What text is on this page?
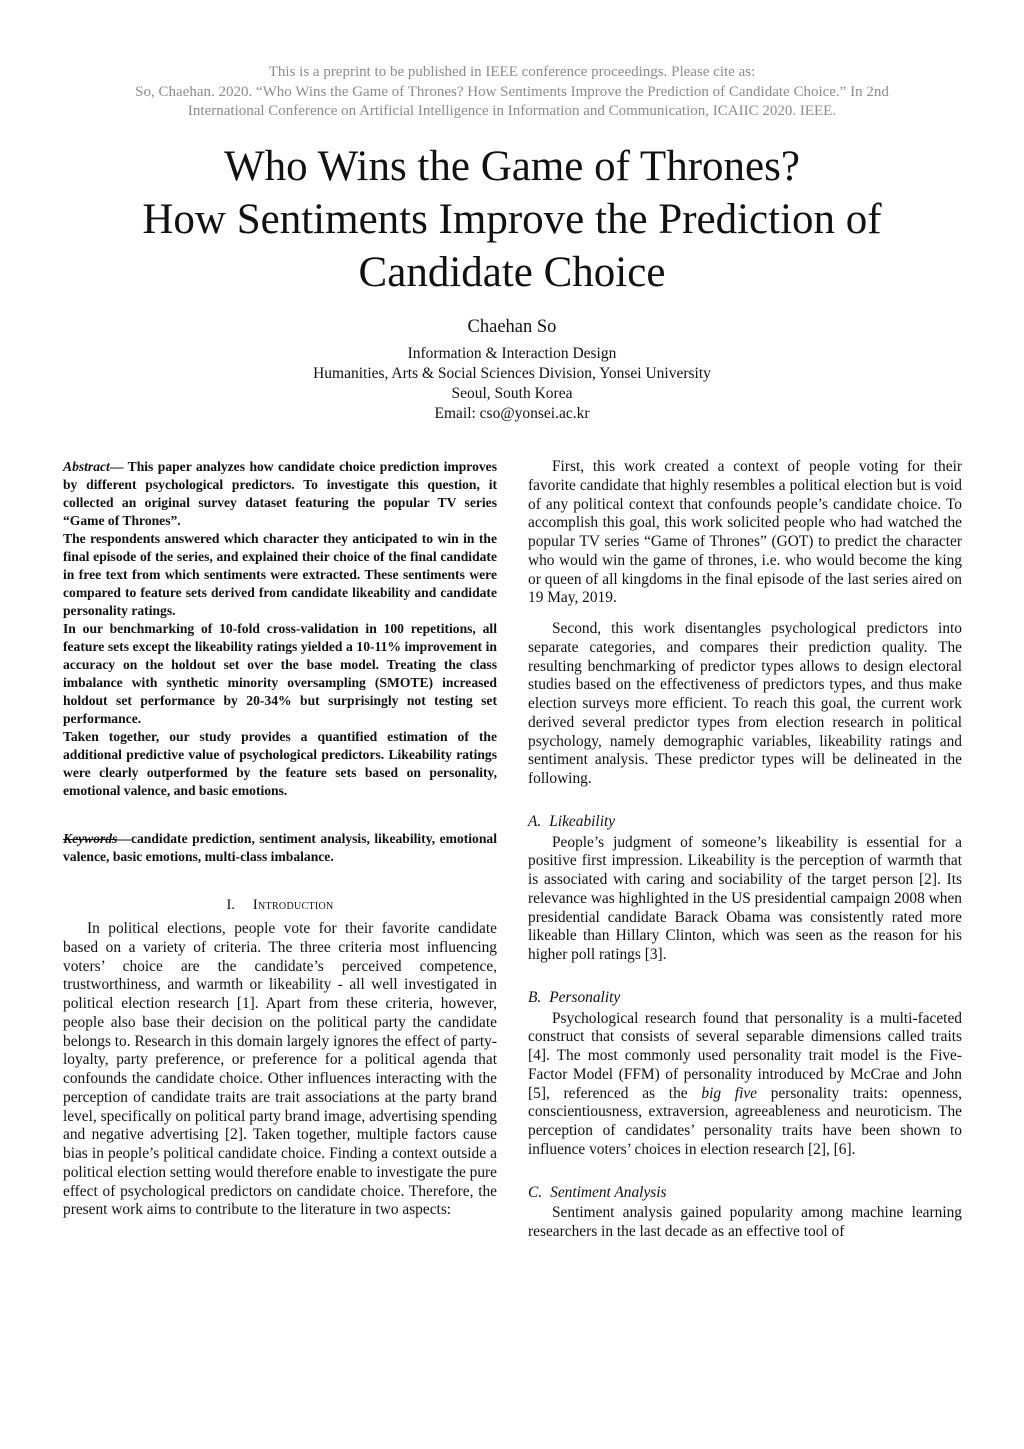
This is a preprint to be published in IEEE conference proceedings. Please cite as:
So, Chaehan. 2020. “Who Wins the Game of Thrones? How Sentiments Improve the Prediction of Candidate Choice.” In 2nd
International Conference on Artificial Intelligence in Information and Communication, ICAIIC 2020. IEEE.
Who Wins the Game of Thrones?
How Sentiments Improve the Prediction of
Candidate Choice
Chaehan So
Information & Interaction Design
Humanities, Arts & Social Sciences Division, Yonsei University
Seoul, South Korea
Email: cso@yonsei.ac.kr

Abstract— This paper analyzes how candidate choice prediction improves by different psychological predictors. To investigate this question, it collected an original survey dataset featuring the popular TV series “Game of Thrones”.

The respondents answered which character they anticipated to win in the final episode of the series, and explained their choice of the final candidate in free text from which sentiments were extracted. These sentiments were compared to feature sets derived from candidate likeability and candidate personality ratings.

In our benchmarking of 10-fold cross-validation in 100 repetitions, all feature sets except the likeability ratings yielded a 10-11% improvement in accuracy on the holdout set over the base model. Treating the class imbalance with synthetic minority oversampling (SMOTE) increased holdout set performance by 20-34% but surprisingly not testing set performance.

Taken together, our study provides a quantified estimation of the additional predictive value of psychological predictors. Likeability ratings were clearly outperformed by the feature sets based on personality, emotional valence, and basic emotions.

Keywords—candidate prediction, sentiment analysis, likeability, emotional valence, basic emotions, multi-class imbalance.
I. Introduction

In political elections, people vote for their favorite candidate based on a variety of criteria. The three criteria most influencing voters’ choice are the candidate’s perceived competence, trustworthiness, and warmth or likeability - all well investigated in political election research [1]. Apart from these criteria, however, people also base their decision on the political party the candidate belongs to. Research in this domain largely ignores the effect of party-loyalty, party preference, or preference for a political agenda that confounds the candidate choice. Other influences interacting with the perception of candidate traits are trait associations at the party brand level, specifically on political party brand image, advertising spending and negative advertising [2]. Taken together, multiple factors cause bias in people’s political candidate choice. Finding a context outside a political election setting would therefore enable to investigate the pure effect of psychological predictors on candidate choice. Therefore, the present work aims to contribute to the literature in two aspects:

First, this work created a context of people voting for their favorite candidate that highly resembles a political election but is void of any political context that confounds people’s candidate choice. To accomplish this goal, this work solicited people who had watched the popular TV series “Game of Thrones” (GOT) to predict the character who would win the game of thrones, i.e. who would become the king or queen of all kingdoms in the final episode of the last series aired on 19 May, 2019.

Second, this work disentangles psychological predictors into separate categories, and compares their prediction quality. The resulting benchmarking of predictor types allows to design electoral studies based on the effectiveness of predictors types, and thus make election surveys more efficient. To reach this goal, the current work derived several predictor types from election research in political psychology, namely demographic variables, likeability ratings and sentiment analysis. These predictor types will be delineated in the following.

A. Likeability

People’s judgment of someone’s likeability is essential for a positive first impression. Likeability is the perception of warmth that is associated with caring and sociability of the target person [2]. Its relevance was highlighted in the US presidential campaign 2008 when presidential candidate Barack Obama was consistently rated more likeable than Hillary Clinton, which was seen as the reason for his higher poll ratings [3].

B. Personality

Psychological research found that personality is a multi-faceted construct that consists of several separable dimensions called traits [4]. The most commonly used personality trait model is the Five-Factor Model (FFM) of personality introduced by McCrae and John [5], referenced as the big five personality traits: openness, conscientiousness, extraversion, agreeableness and neuroticism. The perception of candidates’ personality traits have been shown to influence voters’ choices in election research [2], [6].

C. Sentiment Analysis

Sentiment analysis gained popularity among machine learning researchers in the last decade as an effective tool of
